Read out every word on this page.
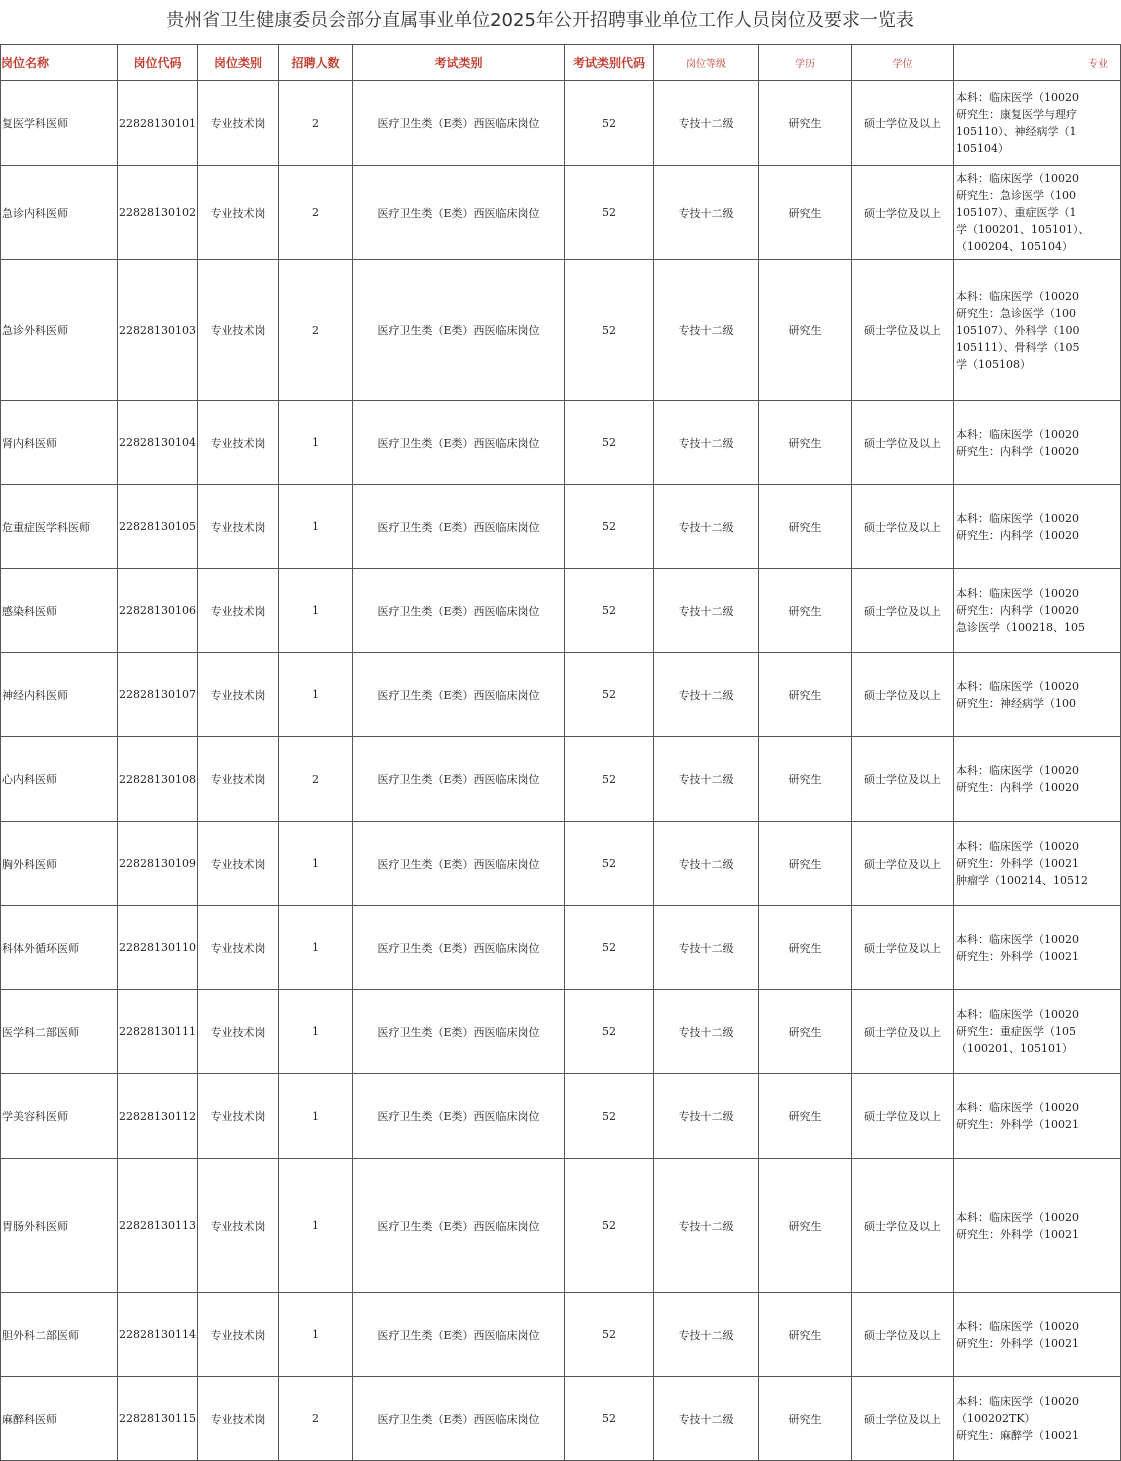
贵州省卫生健康委员会部分直属事业单位2025年公开招聘事业单位工作人员岗位及要求一览表
岗位名称	岗位代码	岗位类别	招聘人数	考试类别	考试类别代码	岗位等级	学历	学位	专业
复医学科医师	22828130101	专业技术岗	2	医疗卫生类（E类）西医临床岗位	52	专技十二级	研究生	硕士学位及以上	本科：临床医学（10020
研究生：康复医学与理疗
105110）、神经病学（1
105104）

急诊内科医师	22828130102	专业技术岗	2	医疗卫生类（E类）西医临床岗位	52	专技十二级	研究生	硕士学位及以上	本科：临床医学（10020
研究生：急诊医学（100
105107）、重症医学（1
学（100201、105101）、
（100204、105104）

急诊外科医师	22828130103	专业技术岗	2	医疗卫生类（E类）西医临床岗位	52	专技十二级	研究生	硕士学位及以上	本科：临床医学（10020
研究生：急诊医学（100
105107）、外科学（100
105111）、骨科学（105
学（105108）

肾内科医师	22828130104	专业技术岗	1	医疗卫生类（E类）西医临床岗位	52	专技十二级	研究生	硕士学位及以上	本科：临床医学（10020
研究生：内科学（10020

危重症医学科医师	22828130105	专业技术岗	1	医疗卫生类（E类）西医临床岗位	52	专技十二级	研究生	硕士学位及以上	本科：临床医学（10020
研究生：内科学（10020

感染科医师	22828130106	专业技术岗	1	医疗卫生类（E类）西医临床岗位	52	专技十二级	研究生	硕士学位及以上	本科：临床医学（10020
研究生：内科学（10020
急诊医学（100218、105

神经内科医师	22828130107	专业技术岗	1	医疗卫生类（E类）西医临床岗位	52	专技十二级	研究生	硕士学位及以上	本科：临床医学（10020
研究生：神经病学（100

心内科医师	22828130108	专业技术岗	2	医疗卫生类（E类）西医临床岗位	52	专技十二级	研究生	硕士学位及以上	本科：临床医学（10020
研究生：内科学（10020

胸外科医师	22828130109	专业技术岗	1	医疗卫生类（E类）西医临床岗位	52	专技十二级	研究生	硕士学位及以上	本科：临床医学（10020
研究生：外科学（10021
肿瘤学（100214、10512

科体外循环医师	22828130110	专业技术岗	1	医疗卫生类（E类）西医临床岗位	52	专技十二级	研究生	硕士学位及以上	本科：临床医学（10020
研究生：外科学（10021

医学科二部医师	22828130111	专业技术岗	1	医疗卫生类（E类）西医临床岗位	52	专技十二级	研究生	硕士学位及以上	本科：临床医学（10020
研究生：重症医学（105
（100201、105101）

学美容科医师	22828130112	专业技术岗	1	医疗卫生类（E类）西医临床岗位	52	专技十二级	研究生	硕士学位及以上	本科：临床医学（10020
研究生：外科学（10021

胃肠外科医师	22828130113	专业技术岗	1	医疗卫生类（E类）西医临床岗位	52	专技十二级	研究生	硕士学位及以上	本科：临床医学（10020
研究生：外科学（10021

胆外科二部医师	22828130114	专业技术岗	1	医疗卫生类（E类）西医临床岗位	52	专技十二级	研究生	硕士学位及以上	本科：临床医学（10020
研究生：外科学（10021

麻醉科医师	22828130115	专业技术岗	2	医疗卫生类（E类）西医临床岗位	52	专技十二级	研究生	硕士学位及以上	本科：临床医学（10020
（100202TK）
研究生：麻醉学（10021
